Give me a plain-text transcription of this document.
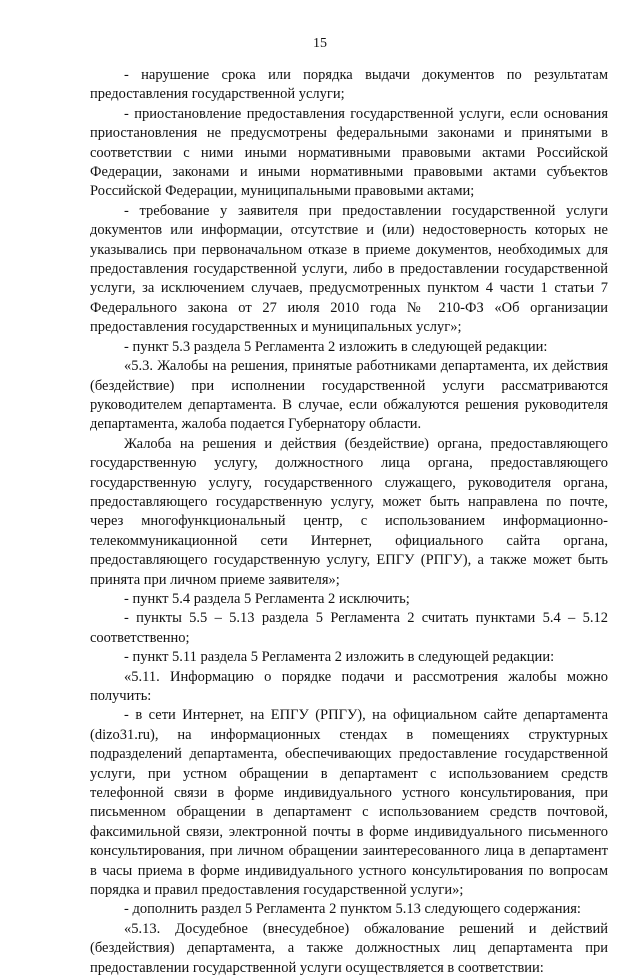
15

- нарушение срока или порядка выдачи документов по результатам предоставления государственной услуги;

- приостановление предоставления государственной услуги, если основания приостановления не предусмотрены федеральными законами и принятыми в соответствии с ними иными нормативными правовыми актами Российской Федерации, законами и иными нормативными правовыми актами субъектов Российской Федерации, муниципальными правовыми актами;

- требование у заявителя при предоставлении государственной услуги документов или информации, отсутствие и (или) недостоверность которых не указывались при первоначальном отказе в приеме документов, необходимых для предоставления государственной услуги, либо в предоставлении государственной услуги, за исключением случаев, предусмотренных пунктом 4 части 1 статьи 7 Федерального закона от 27 июля 2010 года № 210-ФЗ «Об организации предоставления государственных и муниципальных услуг»;

- пункт 5.3 раздела 5 Регламента 2 изложить в следующей редакции:

«5.3. Жалобы на решения, принятые работниками департамента, их действия (бездействие) при исполнении государственной услуги рассматриваются руководителем департамента. В случае, если обжалуются решения руководителя департамента, жалоба подается Губернатору области.

Жалоба на решения и действия (бездействие) органа, предоставляющего государственную услугу, должностного лица органа, предоставляющего государственную услугу, государственного служащего, руководителя органа, предоставляющего государственную услугу, может быть направлена по почте, через многофункциональный центр, с использованием информационно-телекоммуникационной сети Интернет, официального сайта органа, предоставляющего государственную услугу, ЕПГУ (РПГУ), а также может быть принята при личном приеме заявителя»;

- пункт 5.4 раздела 5 Регламента 2 исключить;

- пункты 5.5 – 5.13 раздела 5 Регламента 2 считать пунктами 5.4 – 5.12 соответственно;

- пункт 5.11 раздела 5 Регламента 2 изложить в следующей редакции:

«5.11. Информацию о порядке подачи и рассмотрения жалобы можно получить:

- в сети Интернет, на ЕПГУ (РПГУ), на официальном сайте департамента (dizo31.ru), на информационных стендах в помещениях структурных подразделений департамента, обеспечивающих предоставление государственной услуги, при устном обращении в департамент с использованием средств телефонной связи в форме индивидуального устного консультирования, при письменном обращении в департамент с использованием средств почтовой, факсимильной связи, электронной почты в форме индивидуального письменного консультирования, при личном обращении заинтересованного лица в департамент в часы приема в форме индивидуального устного консультирования по вопросам порядка и правил предоставления государственной услуги»;

- дополнить раздел 5 Регламента 2 пунктом 5.13 следующего содержания:

«5.13. Досудебное (внесудебное) обжалование решений и действий (бездействия) департамента, а также должностных лиц департамента при предоставлении государственной услуги осуществляется в соответствии:
